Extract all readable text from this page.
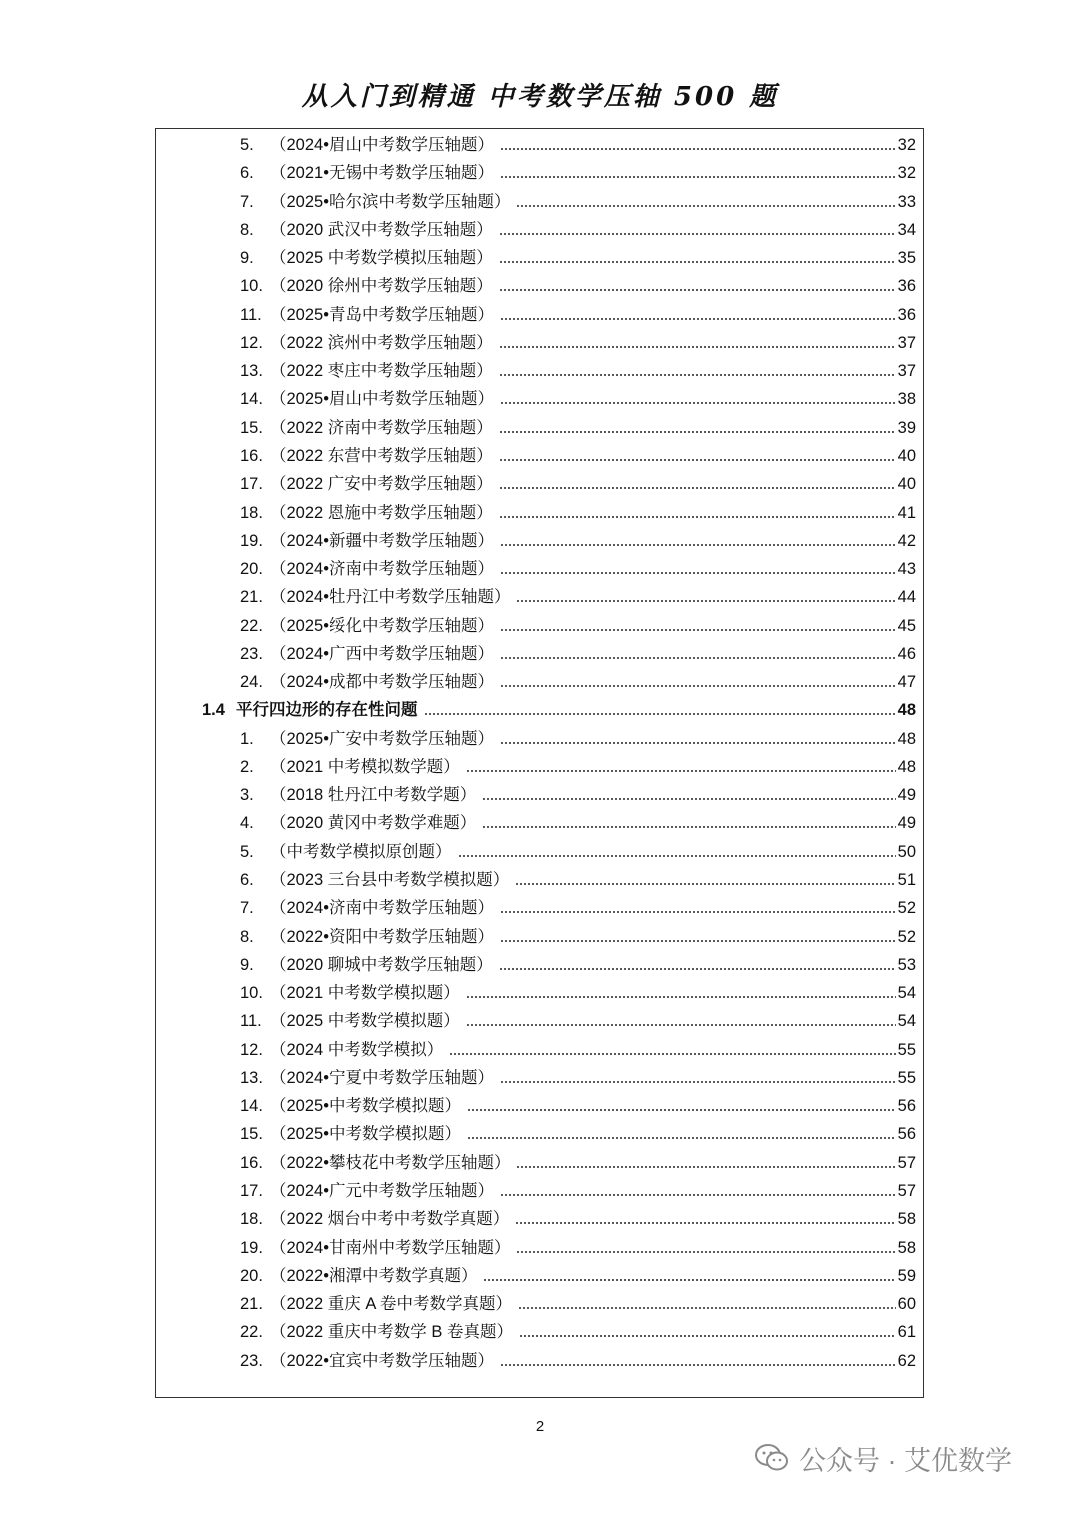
从入门到精通 中考数学压轴 500 题
5. （2024•眉山中考数学压轴题）	32
6. （2021•无锡中考数学压轴题）	32
7. （2025•哈尔滨中考数学压轴题）	33
8. （2020 武汉中考数学压轴题）	34
9. （2025 中考数学模拟压轴题）	35
10. （2020 徐州中考数学压轴题）	36
11. （2025•青岛中考数学压轴题）	36
12. （2022 滨州中考数学压轴题）	37
13. （2022 枣庄中考数学压轴题）	37
14. （2025•眉山中考数学压轴题）	38
15. （2022 济南中考数学压轴题）	39
16. （2022 东营中考数学压轴题）	40
17. （2022 广安中考数学压轴题）	40
18. （2022 恩施中考数学压轴题）	41
19. （2024•新疆中考数学压轴题）	42
20. （2024•济南中考数学压轴题）	43
21. （2024•牡丹江中考数学压轴题）	44
22. （2025•绥化中考数学压轴题）	45
23. （2024•广西中考数学压轴题）	46
24. （2024•成都中考数学压轴题）	47
1.4 平行四边形的存在性问题	48
1. （2025•广安中考数学压轴题）	48
2. （2021 中考模拟数学题）	48
3. （2018 牡丹江中考数学题）	49
4. （2020 黄冈中考数学难题）	49
5. （中考数学模拟原创题）	50
6. （2023 三台县中考数学模拟题）	51
7. （2024•济南中考数学压轴题）	52
8. （2022•资阳中考数学压轴题）	52
9. （2020 聊城中考数学压轴题）	53
10. （2021 中考数学模拟题）	54
11. （2025 中考数学模拟题）	54
12. （2024 中考数学模拟）	55
13. （2024•宁夏中考数学压轴题）	55
14. （2025•中考数学模拟题）	56
15. （2025•中考数学模拟题）	56
16. （2022•攀枝花中考数学压轴题）	57
17. （2024•广元中考数学压轴题）	57
18. （2022 烟台中考中考数学真题）	58
19. （2024•甘南州中考数学压轴题）	58
20. （2022•湘潭中考数学真题）	59
21. （2022 重庆 A 卷中考数学真题）	60
22. （2022 重庆中考数学 B 卷真题）	61
23. （2022•宜宾中考数学压轴题）	62
2
公众号 · 艾优数学
